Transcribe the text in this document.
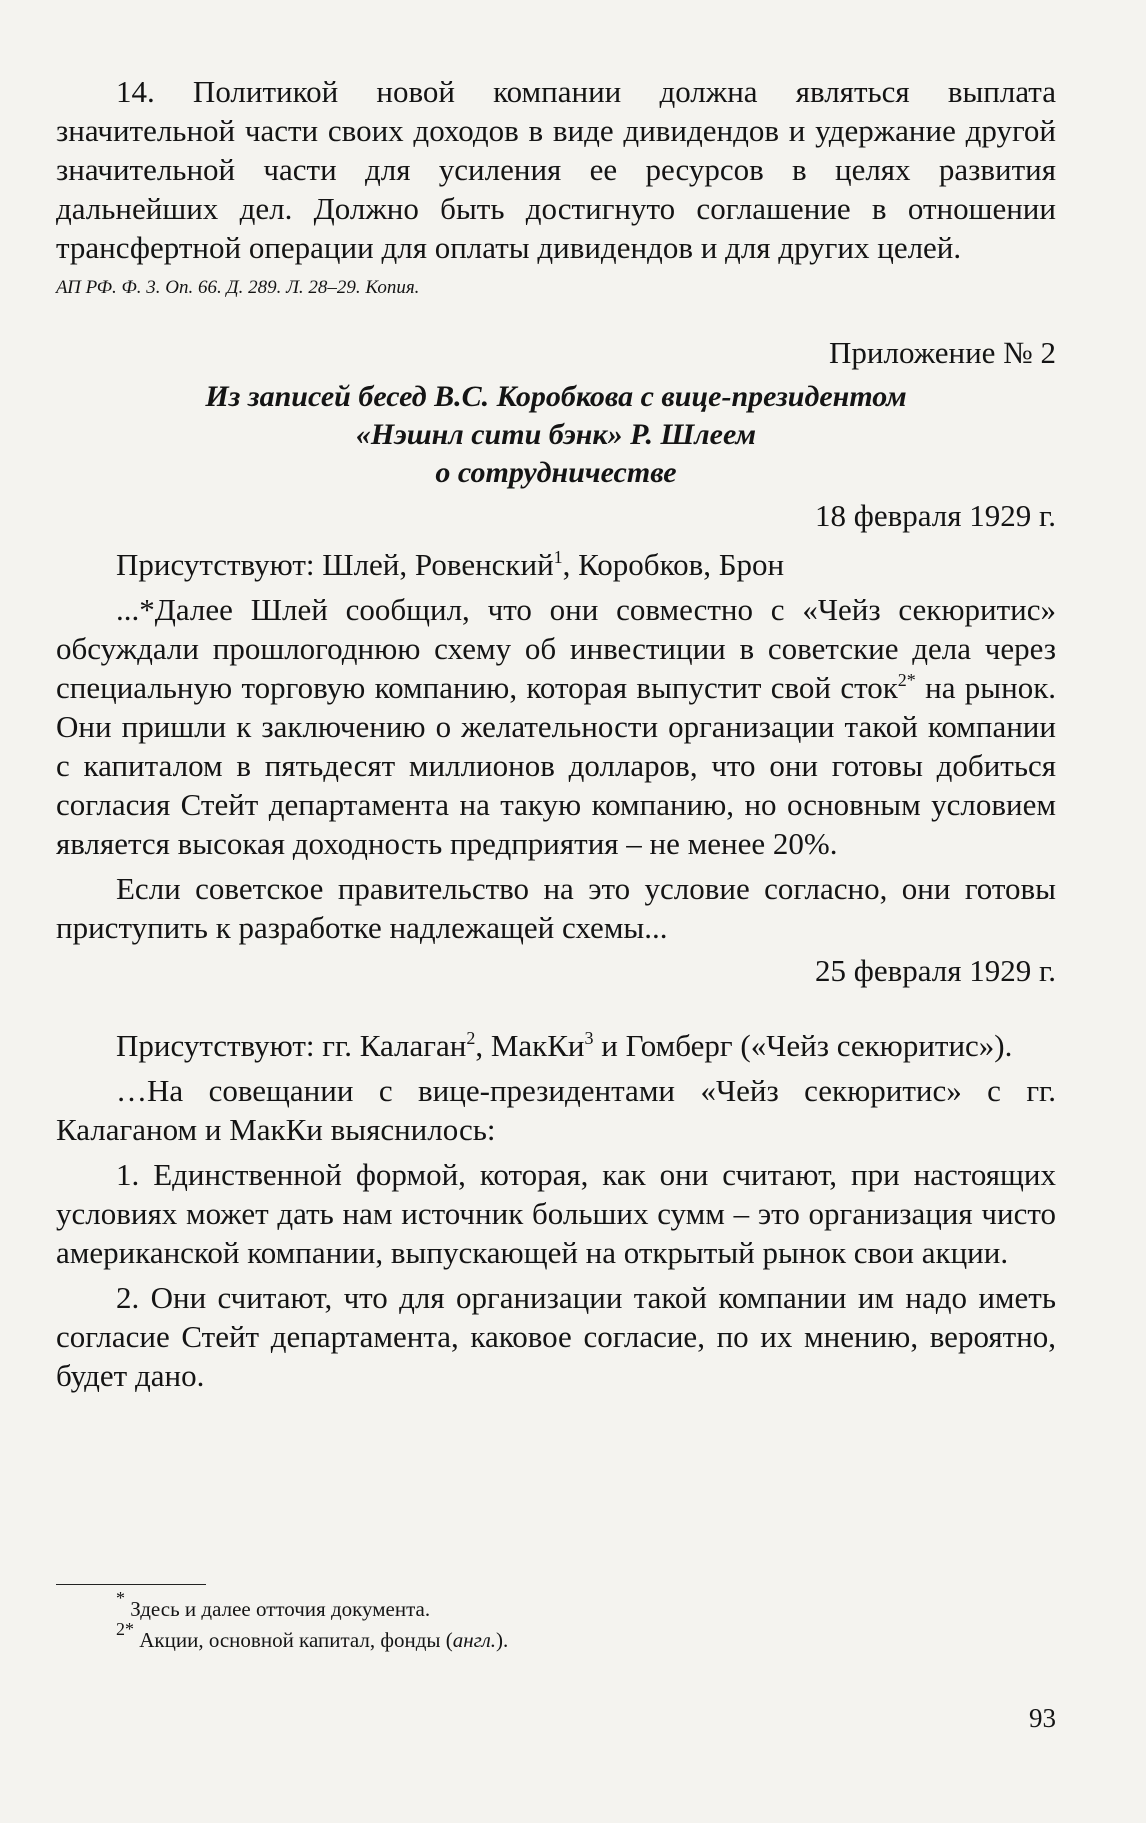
14. Политикой новой компании должна являться выплата значительной части своих доходов в виде дивидендов и удержание другой значительной части для усиления ее ресурсов в целях развития дальнейших дел. Должно быть достигнуто соглашение в отношении трансфертной операции для оплаты дивидендов и для других целей.

АП РФ. Ф. 3. Оп. 66. Д. 289. Л. 28–29. Копия.

Приложение № 2

Из записей бесед В.С. Коробкова с вице-президентом

«Нэшнл сити бэнк» Р. Шлеем

о сотрудничестве

18 февраля 1929 г.

Присутствуют: Шлей, Ровенский$^1$, Коробков, Брон

...*Далее Шлей сообщил, что они совместно с «Чейз секюритис» обсуждали прошлогоднюю схему об инвестиции в советские дела через специальную торговую компанию, которая выпустит свой сток$^{2*}$ на рынок. Они пришли к заключению о желательности организации такой компании с капиталом в пятьдесят миллионов долларов, что они готовы добиться согласия Стейт департамента на такую компанию, но основным условием является высокая доходность предприятия – не менее 20%.

Если советское правительство на это условие согласно, они готовы приступить к разработке надлежащей схемы...

25 февраля 1929 г.

Присутствуют: гг. Калаган$^2$, МакКи$^3$ и Гомберг («Чейз секюритис»).

…На совещании с вице-президентами «Чейз секюритис» с гг. Калаганом и МакКи выяснилось:

1. Единственной формой, которая, как они считают, при настоящих условиях может дать нам источник больших сумм – это организация чисто американской компании, выпускающей на открытый рынок свои акции.

2. Они считают, что для организации такой компании им надо иметь согласие Стейт департамента, каковое согласие, по их мнению, вероятно, будет дано.

* Здесь и далее отточия документа.
$^{2*}$ Акции, основной капитал, фонды (англ.).
93
